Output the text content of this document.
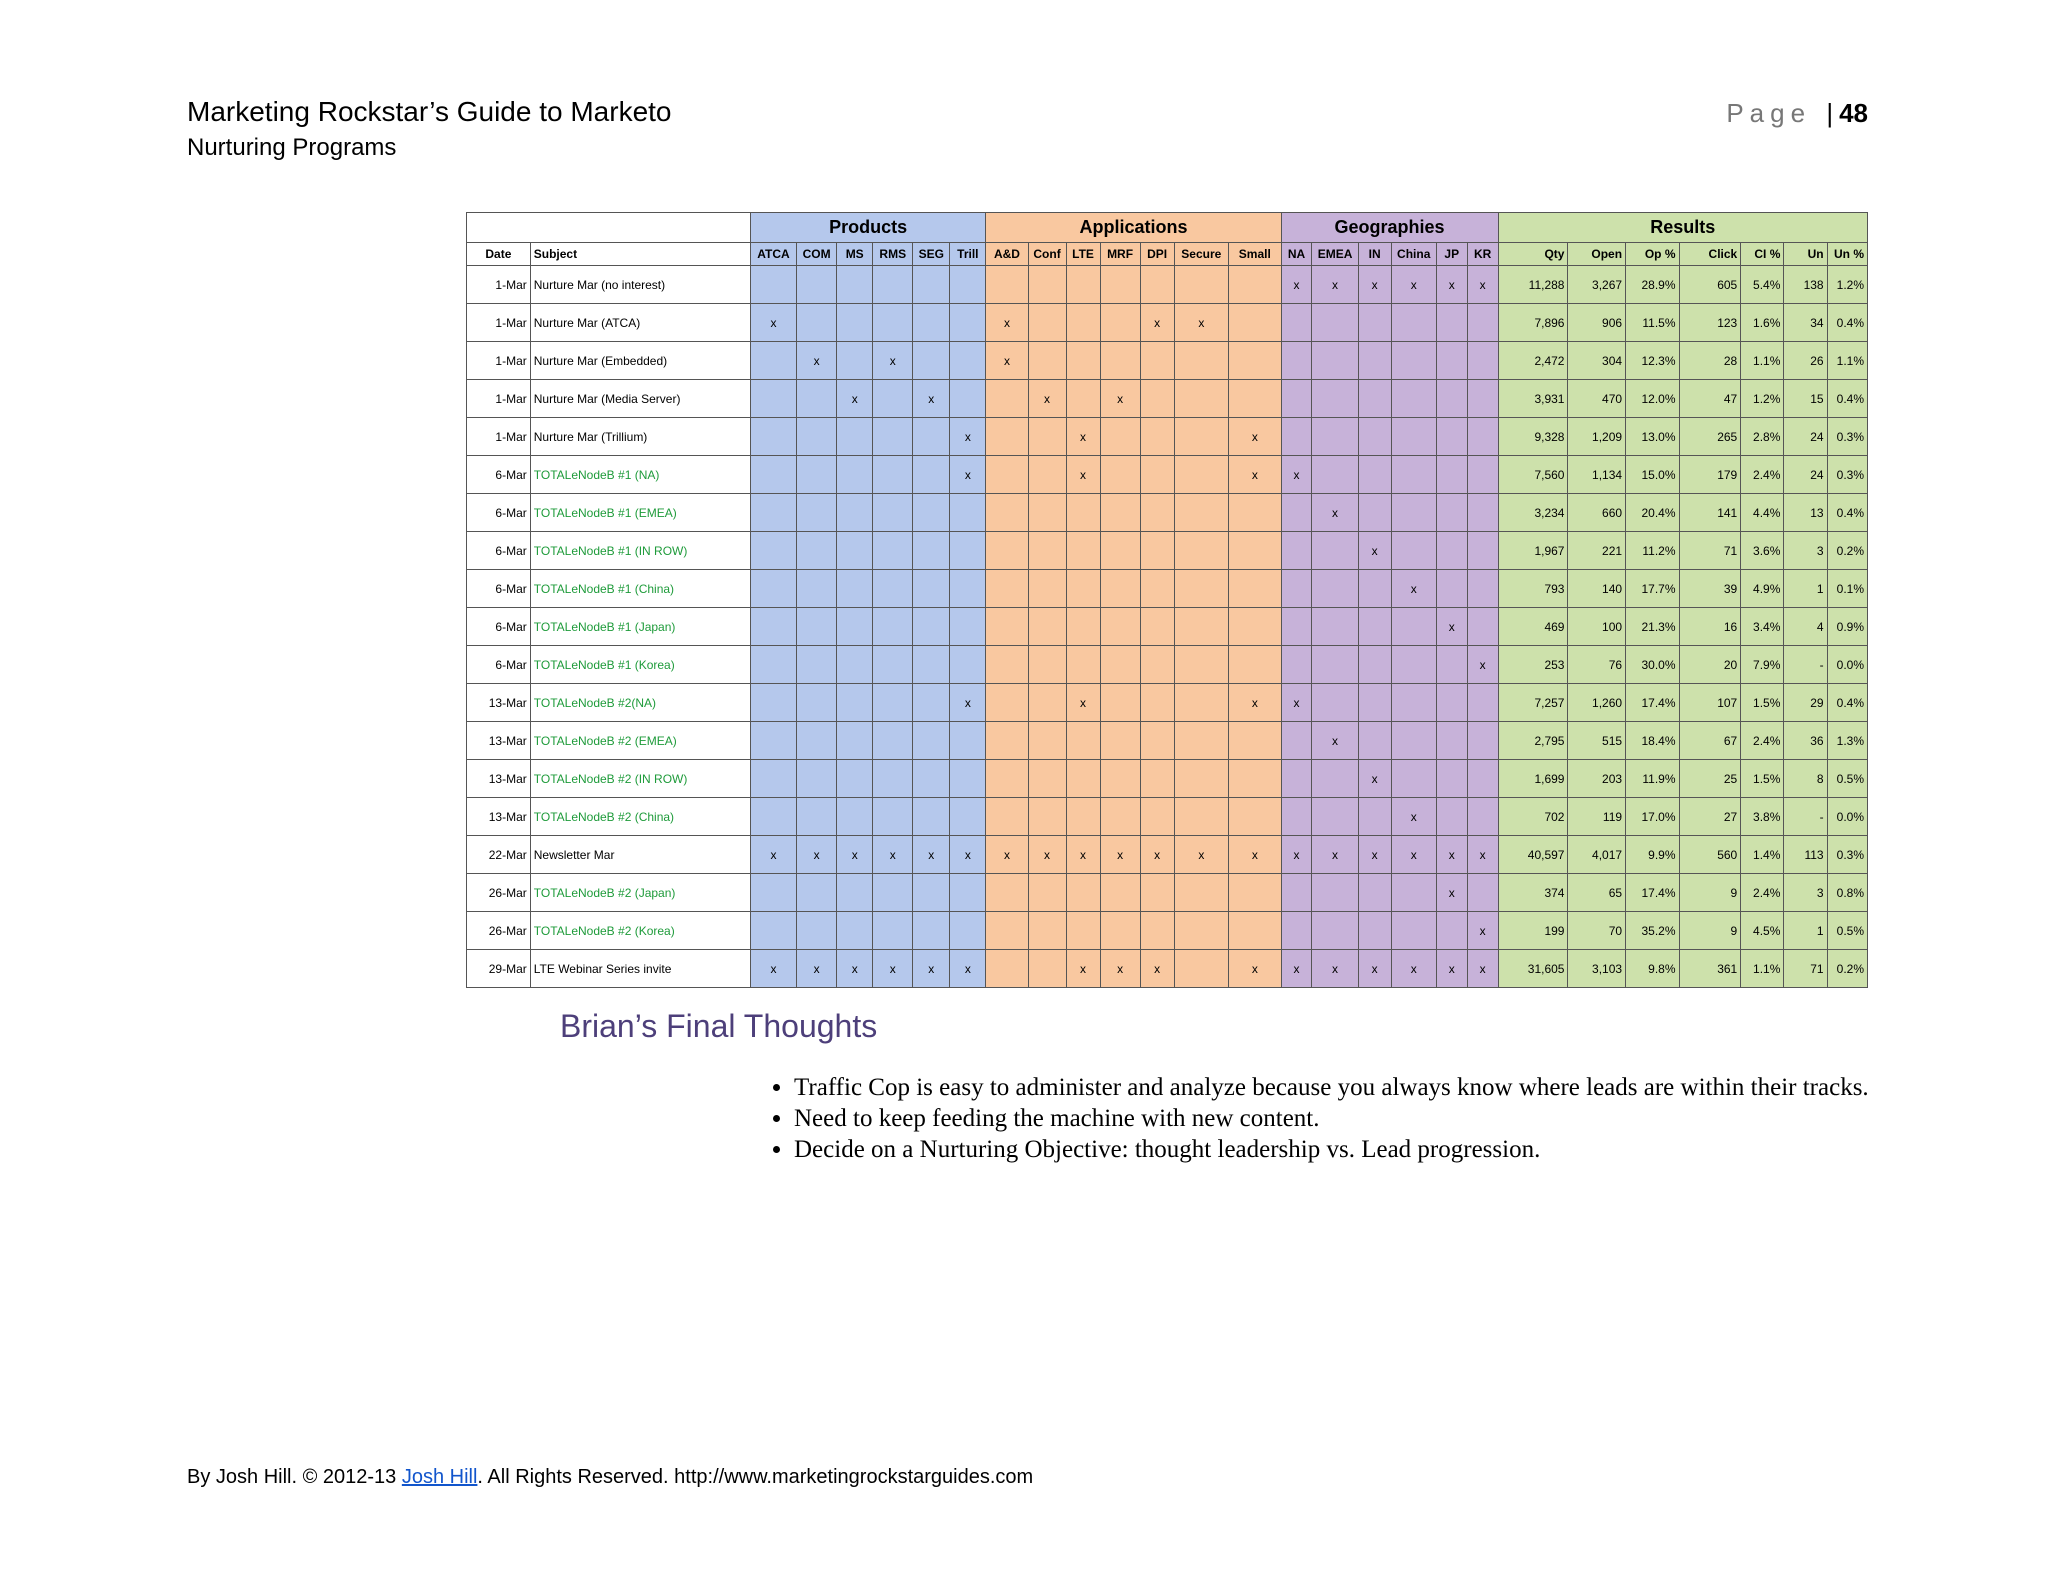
Marketing Rockstar’s Guide to Marketo
Nurturing Programs
Page | 48
		Products						Applications							Geographies						Results						
Date	Subject	ATCA	COM	MS	RMS	SEG	Trill	A&D	Conf	LTE	MRF	DPI	Secure	Small	NA	EMEA	IN	China	JP	KR	Qty	Open	Op %	Click	CI %	Un	Un %
1-Mar	Nurture Mar (no interest)														x	x	x	x	x	x	11,288	3,267	28.9%	605	5.4%	138	1.2%
1-Mar	Nurture Mar (ATCA)	x						x				x	x								7,896	906	11.5%	123	1.6%	34	0.4%
1-Mar	Nurture Mar (Embedded)		x		x			x													2,472	304	12.3%	28	1.1%	26	1.1%
1-Mar	Nurture Mar (Media Server)			x		x			x		x										3,931	470	12.0%	47	1.2%	15	0.4%
1-Mar	Nurture Mar (Trillium)						x			x				x							9,328	1,209	13.0%	265	2.8%	24	0.3%
6-Mar	TOTALeNodeB #1 (NA)						x			x				x	x						7,560	1,134	15.0%	179	2.4%	24	0.3%
6-Mar	TOTALeNodeB #1 (EMEA)															x					3,234	660	20.4%	141	4.4%	13	0.4%
6-Mar	TOTALeNodeB #1 (IN ROW)																x				1,967	221	11.2%	71	3.6%	3	0.2%
6-Mar	TOTALeNodeB #1 (China)																	x			793	140	17.7%	39	4.9%	1	0.1%
6-Mar	TOTALeNodeB #1 (Japan)																		x		469	100	21.3%	16	3.4%	4	0.9%
6-Mar	TOTALeNodeB #1 (Korea)																			x	253	76	30.0%	20	7.9%	-	0.0%
13-Mar	TOTALeNodeB #2(NA)						x			x				x	x						7,257	1,260	17.4%	107	1.5%	29	0.4%
13-Mar	TOTALeNodeB #2 (EMEA)															x					2,795	515	18.4%	67	2.4%	36	1.3%
13-Mar	TOTALeNodeB #2 (IN ROW)																x				1,699	203	11.9%	25	1.5%	8	0.5%
13-Mar	TOTALeNodeB #2 (China)																	x			702	119	17.0%	27	3.8%	-	0.0%
22-Mar	Newsletter Mar	x	x	x	x	x	x	x	x	x	x	x	x	x	x	x	x	x	x	x	40,597	4,017	9.9%	560	1.4%	113	0.3%
26-Mar	TOTALeNodeB #2 (Japan)																		x		374	65	17.4%	9	2.4%	3	0.8%
26-Mar	TOTALeNodeB #2 (Korea)																			x	199	70	35.2%	9	4.5%	1	0.5%
29-Mar	LTE Webinar Series invite	x	x	x	x	x	x			x	x	x		x	x	x	x	x	x	x	31,605	3,103	9.8%	361	1.1%	71	0.2%
Brian’s Final Thoughts
• Traffic Cop is easy to administer and analyze because you always know where leads are within their tracks.
• Need to keep feeding the machine with new content.
• Decide on a Nurturing Objective: thought leadership vs. Lead progression.
By Josh Hill. © 2012-13 Josh Hill. All Rights Reserved. http://www.marketingrockstarguides.com
